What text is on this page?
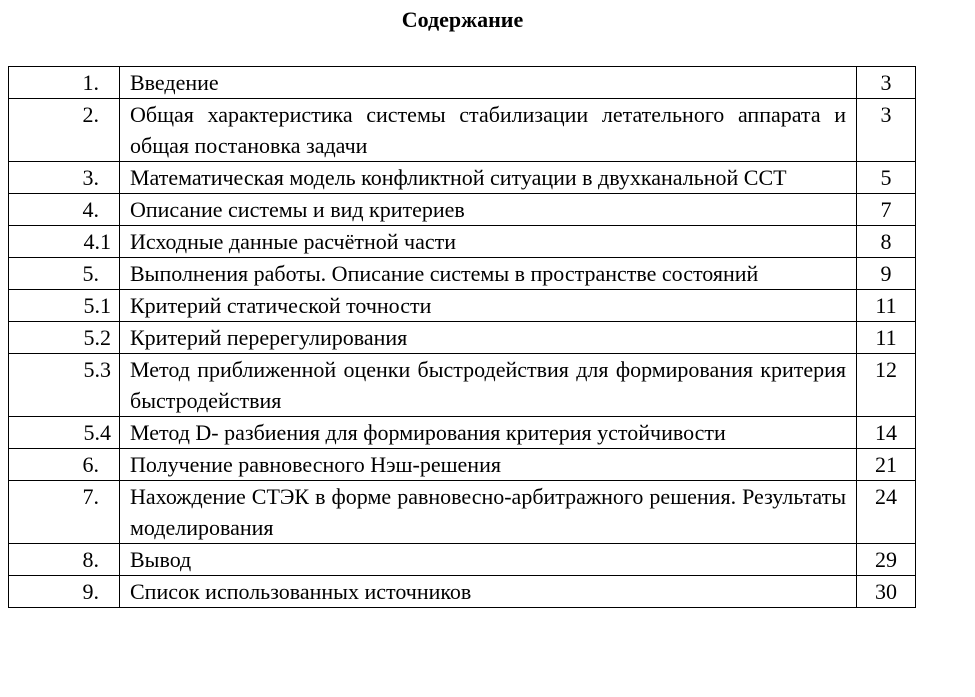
Содержание
1.	Введение	3
2.	Общая характеристика системы стабилизации летательного аппарата и общая постановка задачи	3
3.	Математическая модель конфликтной ситуации в двухканальной ССТ	5
4.	Описание системы и вид критериев	7
4.1	Исходные данные расчётной части	8
5.	Выполнения работы. Описание системы в пространстве состояний	9
5.1	Критерий статической точности	11
5.2	Критерий перерегулирования	11
5.3	Метод приближенной оценки быстродействия для формирования критерия быстродействия	12
5.4	Метод D- разбиения для формирования критерия устойчивости	14
6.	Получение равновесного Нэш-решения	21
7.	Нахождение СТЭК в форме равновесно-арбитражного решения. Результаты моделирования	24
8.	Вывод	29
9.	Список использованных источников	30
